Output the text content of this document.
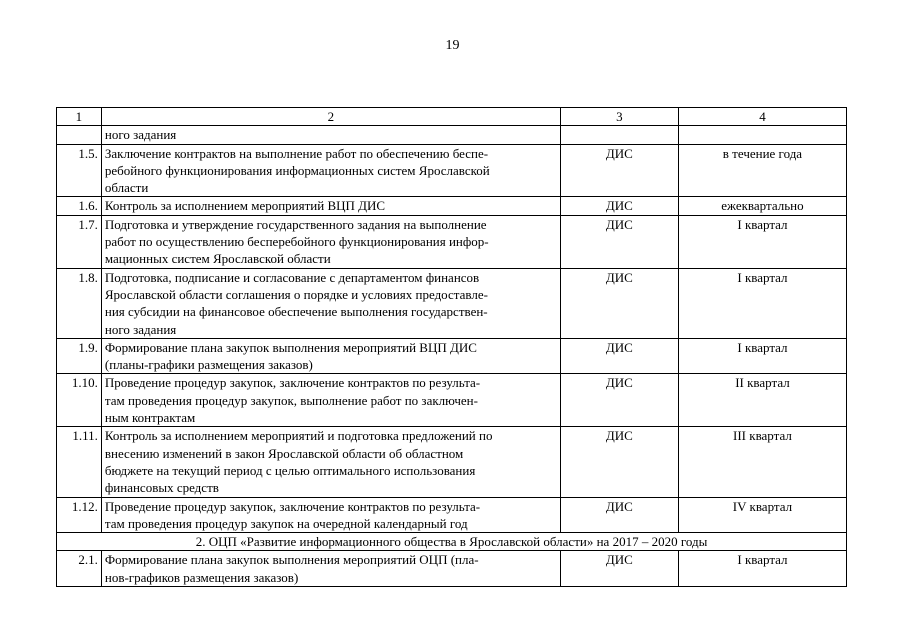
19
1	2	3	4

	ного задания		

1.5.	Заключение контрактов на выполнение работ по обеспечению беспе-
ребойного функционирования информационных систем Ярославской
области	ДИС	в течение года
1.6.	Контроль за исполнением мероприятий ВЦП ДИС	ДИС	ежеквартально
1.7.	Подготовка и утверждение государственного задания на выполнение
работ по осуществлению бесперебойного функционирования инфор-
мационных систем Ярославской области	ДИС	I квартал
1.8.	Подготовка, подписание и согласование с департаментом финансов
Ярославской области соглашения о порядке и условиях предоставле-
ния субсидии на финансовое обеспечение выполнения государствен-
ного задания	ДИС	I квартал
1.9.	Формирование плана закупок выполнения мероприятий ВЦП ДИС
(планы-графики размещения заказов)	ДИС	I квартал
1.10.	Проведение процедур закупок, заключение контрактов по результа-
там проведения процедур закупок, выполнение работ по заключен-
ным контрактам	ДИС	II квартал
1.11.	Контроль за исполнением мероприятий и подготовка предложений по
внесению изменений в закон Ярославской области об областном
бюджете на текущий период с целью оптимального использования
финансовых средств	ДИС	III квартал
1.12.	Проведение процедур закупок, заключение контрактов по результа-
там проведения процедур закупок на очередной календарный год	ДИС	IV квартал
2. ОЦП «Развитие информационного общества в Ярославской области» на 2017 – 2020 годы			
2.1.	Формирование плана закупок выполнения мероприятий ОЦП (пла-
нов-графиков размещения заказов)	ДИС	I квартал
